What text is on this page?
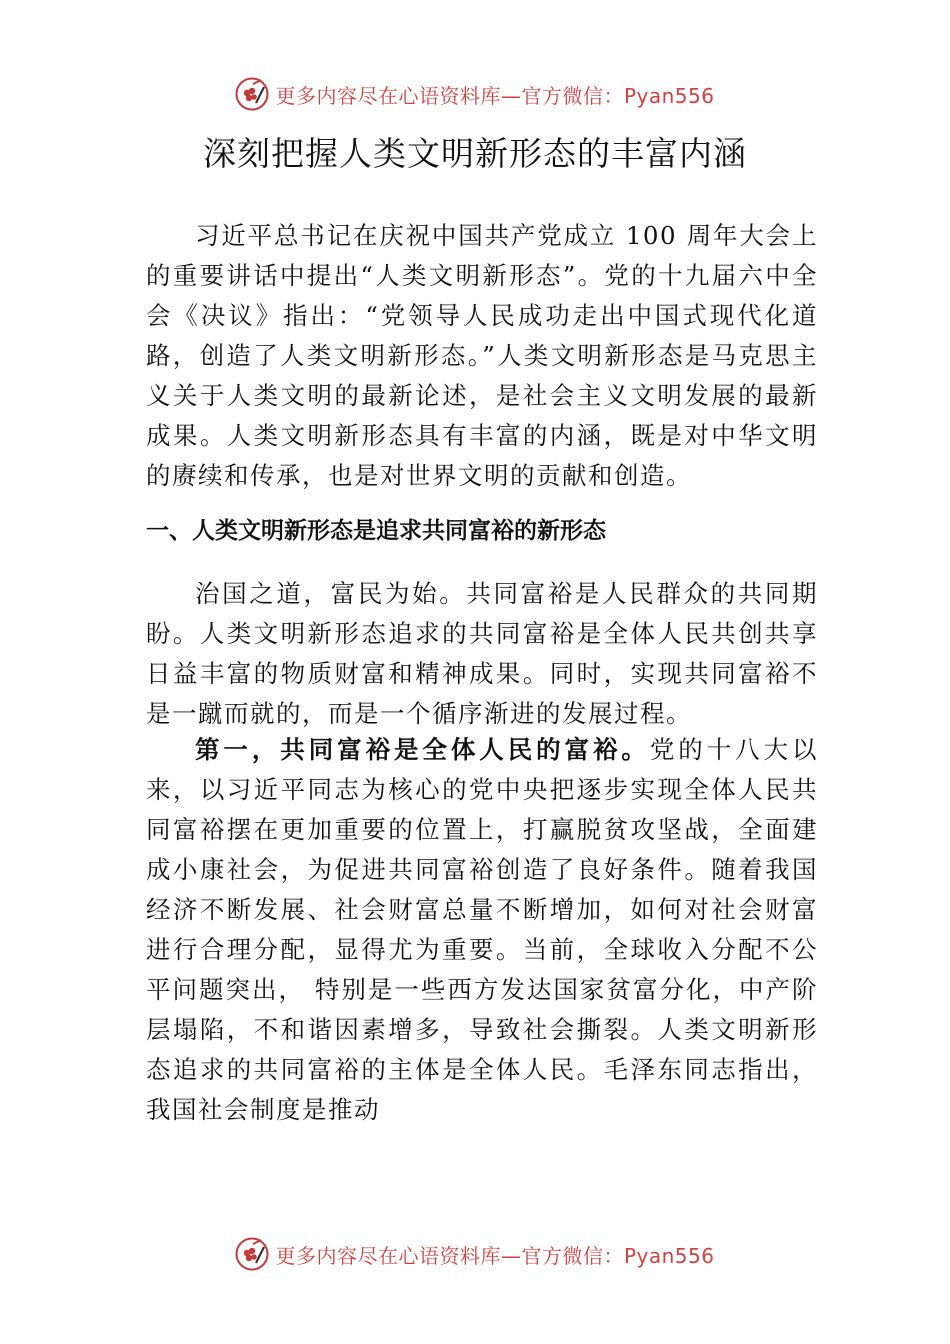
更多内容尽在心语资料库—官方微信：Pyan556
深刻把握人类文明新形态的丰富内涵

习近平总书记在庆祝中国共产党成立 100 周年大会上的重要讲话中提出“人类文明新形态”。党的十九届六中全会《决议》指出：“党领导人民成功走出中国式现代化道路，创造了人类文明新形态。”人类文明新形态是马克思主义关于人类文明的最新论述，是社会主义文明发展的最新成果。人类文明新形态具有丰富的内涵，既是对中华文明的赓续和传承，也是对世界文明的贡献和创造。

一、人类文明新形态是追求共同富裕的新形态

治国之道，富民为始。共同富裕是人民群众的共同期盼。人类文明新形态追求的共同富裕是全体人民共创共享日益丰富的物质财富和精神成果。同时，实现共同富裕不是一蹴而就的，而是一个循序渐进的发展过程。

第一，共同富裕是全体人民的富裕。党的十八大以来，以习近平同志为核心的党中央把逐步实现全体人民共同富裕摆在更加重要的位置上，打赢脱贫攻坚战，全面建成小康社会，为促进共同富裕创造了良好条件。随着我国经济不断发展、社会财富总量不断增加，如何对社会财富进行合理分配，显得尤为重要。当前，全球收入分配不公平问题突出， 特别是一些西方发达国家贫富分化，中产阶层塌陷，不和谐因素增多，导致社会撕裂。人类文明新形态追求的共同富裕的主体是全体人民。毛泽东同志指出，我国社会制度是推动

更多内容尽在心语资料库—官方微信：Pyan556
